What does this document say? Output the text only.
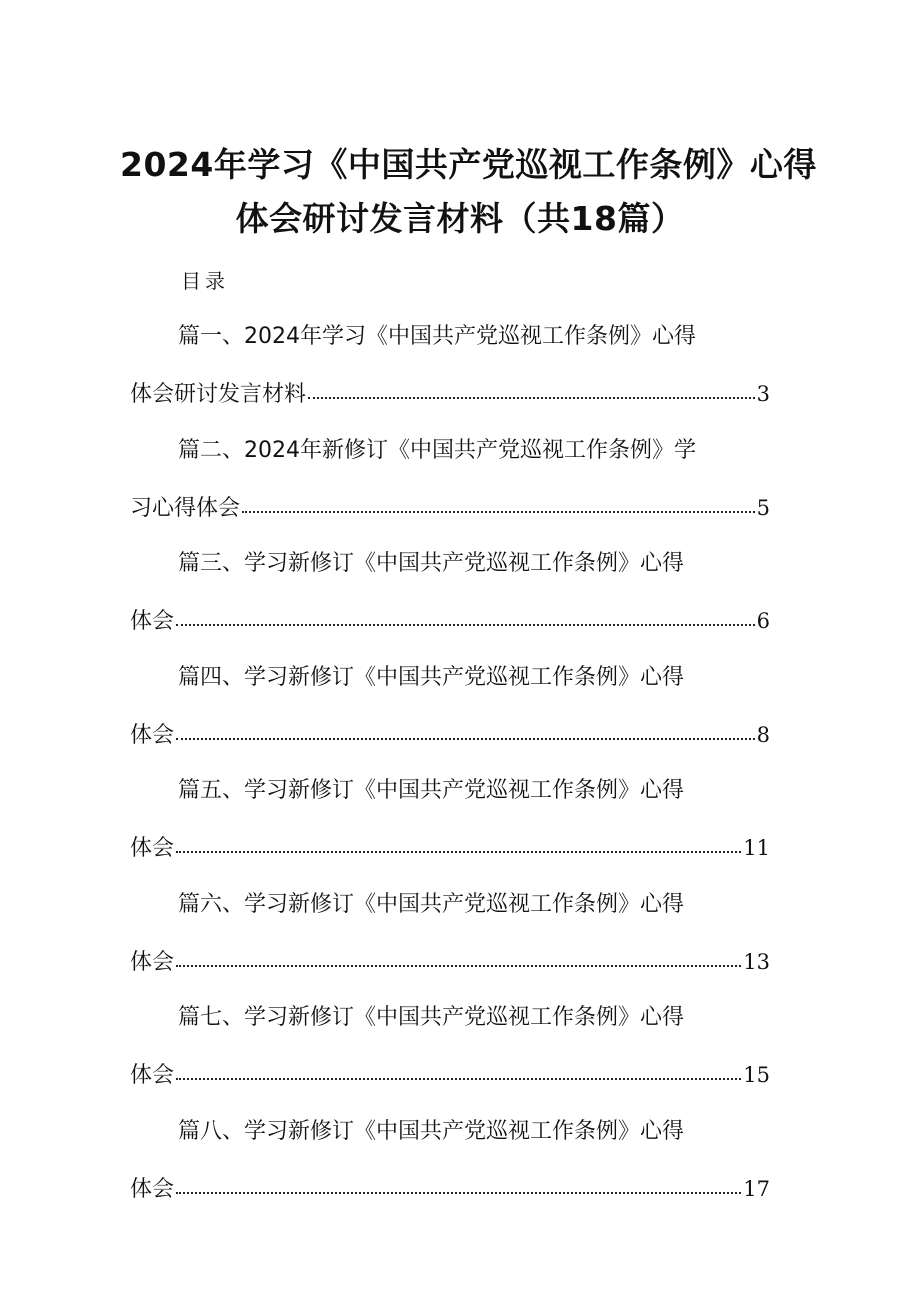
2024年学习《中国共产党巡视工作条例》心得
体会研讨发言材料（共18篇）
目录
篇一、2024年学习《中国共产党巡视工作条例》心得
体会研讨发言材料	3
篇二、2024年新修订《中国共产党巡视工作条例》学
习心得体会	5
篇三、学习新修订《中国共产党巡视工作条例》心得
体会	6
篇四、学习新修订《中国共产党巡视工作条例》心得
体会	8
篇五、学习新修订《中国共产党巡视工作条例》心得
体会	11
篇六、学习新修订《中国共产党巡视工作条例》心得
体会	13
篇七、学习新修订《中国共产党巡视工作条例》心得
体会	15
篇八、学习新修订《中国共产党巡视工作条例》心得
体会	17
